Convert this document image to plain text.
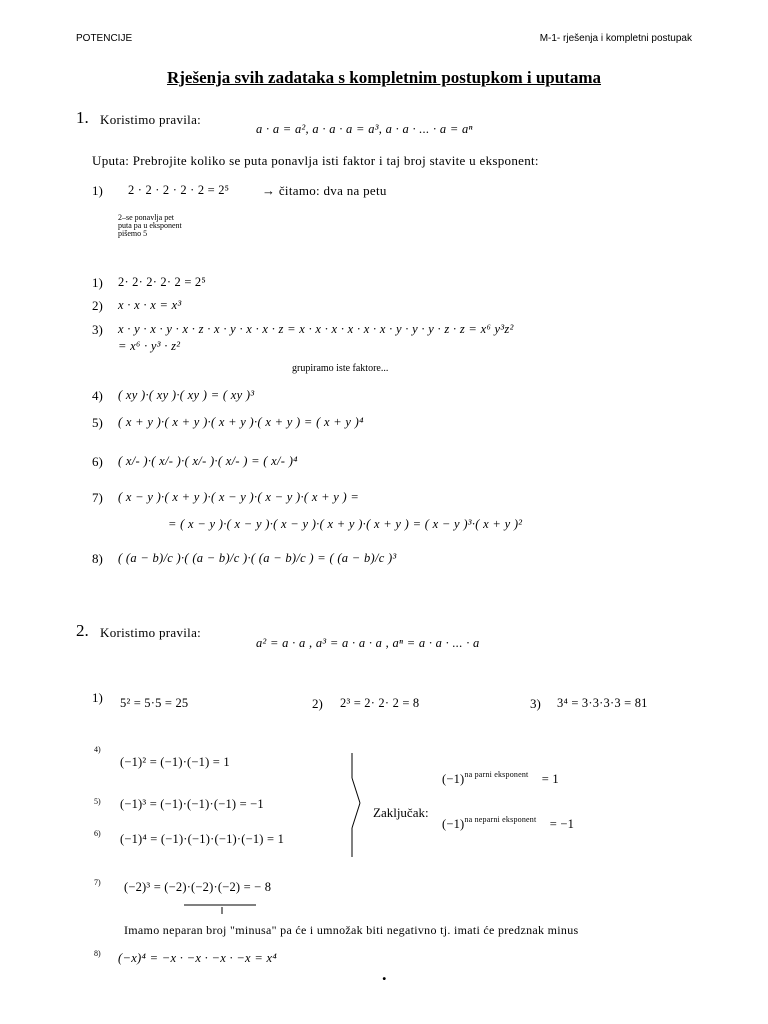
POTENCIJE	M-1- rješenja i kompletni postupak
Rješenja svih zadataka s kompletnim postupkom i uputama
1. Koristimo pravila:
a · a = a², a · a · a = a³, a · a · ... · a = aⁿ
Uputa: Prebrojite koliko se puta ponavlja isti faktor i taj broj stavite u eksponent:
1) 2 · 2 · 2 · 2 · 2 = 2⁵	→ čitamo: dva na petu
2–se ponavlja pet
puta pa u eksponent
pišemo 5
1) 2· 2· 2· 2· 2 = 2⁵
2) x · x · x = x³
3) x · y · x · y · x · z · x · y · x · x · z = x · x · x · x · x · x · y · y · y · z · z = x⁶ y³z²
= x⁶ · y³ · z²
grupiramo iste faktore...
4) ( xy )·( xy )·( xy ) = ( xy )³
5) ( x + y )·( x + y )·( x + y )·( x + y ) = ( x + y )⁴
6) ( x/- )·( x/- )·( x/- )·( x/- ) = ( x/- )⁴
7) ( x − y )·( x + y )·( x − y )·( x − y )·( x + y ) =
= ( x − y )·( x − y )·( x − y )·( x + y )·( x + y ) = ( x − y )³·( x + y )²
8) ( (a − b)/c )·( (a − b)/c )·( (a − b)/c ) = ( (a − b)/c )³
2. Koristimo pravila:
a² = a · a , a³ = a · a · a , aⁿ = a · a · ... · a
1) 5² = 5·5 = 25	2) 2³ = 2· 2· 2 = 8	3) 3⁴ = 3·3·3·3 = 81
4)
(−1)² = (−1)·(−1) = 1
5) (−1)³ = (−1)·(−1)·(−1) = −1
6) (−1)⁴ = (−1)·(−1)·(−1)·(−1) = 1
Zaključak:
$(-1)^{na parni eksponent} = 1$
$(-1)^{na neparni eksponent} = -1$
7) (−2)³ = (−2)·(−2)·(−2) = − 8
Imamo neparan broj "minusa" pa će i umnožak biti negativno tj. imati će predznak minus
8) (−x)⁴ = −x · −x · −x · −x = x⁴
.
